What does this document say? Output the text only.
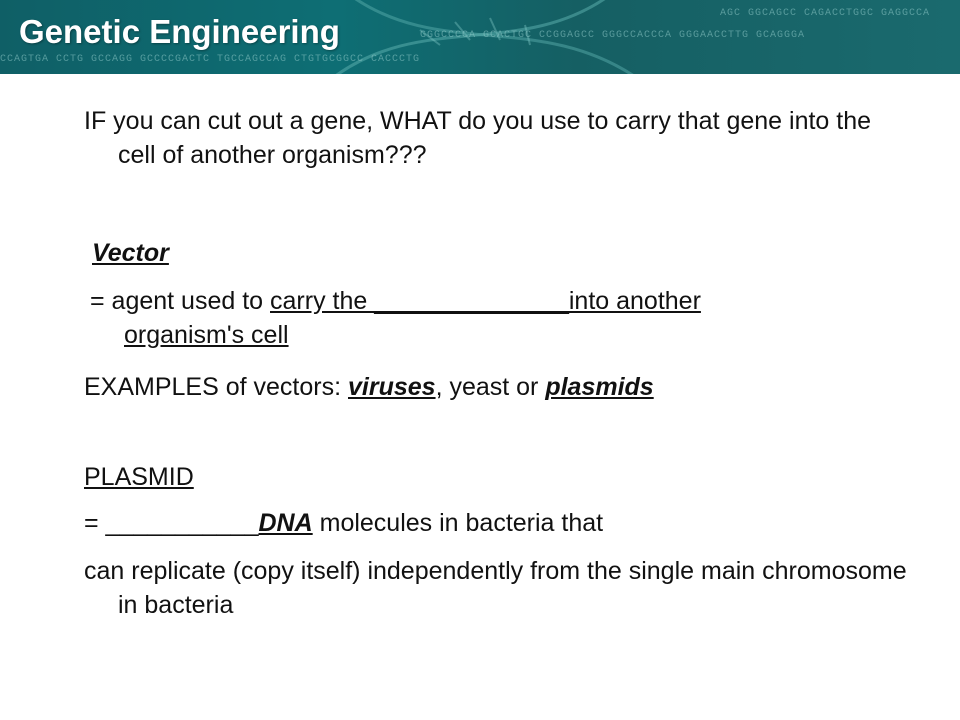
AGC GGCAGCC CAGACCTGGC GAGGCCA
GGGCCCCA GCACTGC CCGGAGCC GGGCCACCCA GGGAACCTTG GCAGGGA
CCAGTGA CCTG GCCAGG GCCCCGACTC TGCCAGCCAG CTGTGCGGCC CACCCTG
Genetic Engineering
IF you can cut out a gene, WHAT do you use to carry that gene into the cell of another organism???
Vector
= agent used to carry the ______________into another
organism's cell
EXAMPLES of vectors: viruses, yeast or plasmids
PLASMID
= ___________DNA molecules in bacteria that
can replicate (copy itself) independently from the single main chromosome in bacteria
